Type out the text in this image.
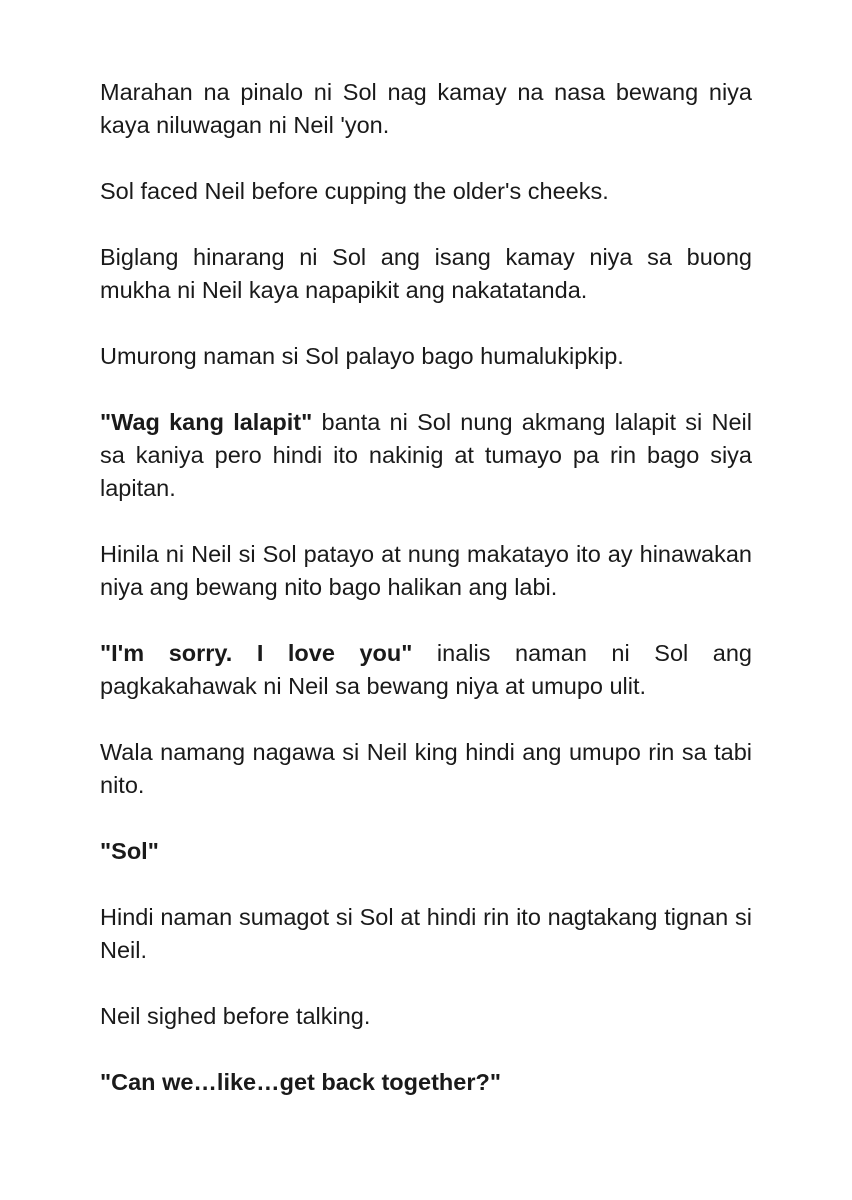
Marahan na pinalo ni Sol nag kamay na nasa bewang niya kaya niluwagan ni Neil 'yon.

Sol faced Neil before cupping the older's cheeks.

Biglang hinarang ni Sol ang isang kamay niya sa buong mukha ni Neil kaya napapikit ang nakatatanda.

Umurong naman si Sol palayo bago humalukipkip.

"Wag kang lalapit" banta ni Sol nung akmang lalapit si Neil sa kaniya pero hindi ito nakinig at tumayo pa rin bago siya lapitan.

Hinila ni Neil si Sol patayo at nung makatayo ito ay hinawakan niya ang bewang nito bago halikan ang labi.

"I'm sorry. I love you" inalis naman ni Sol ang pagkakahawak ni Neil sa bewang niya at umupo ulit.

Wala namang nagawa si Neil king hindi ang umupo rin sa tabi nito.

"Sol"

Hindi naman sumagot si Sol at hindi rin ito nagtakang tignan si Neil.

Neil sighed before talking.

"Can we…like…get back together?"
